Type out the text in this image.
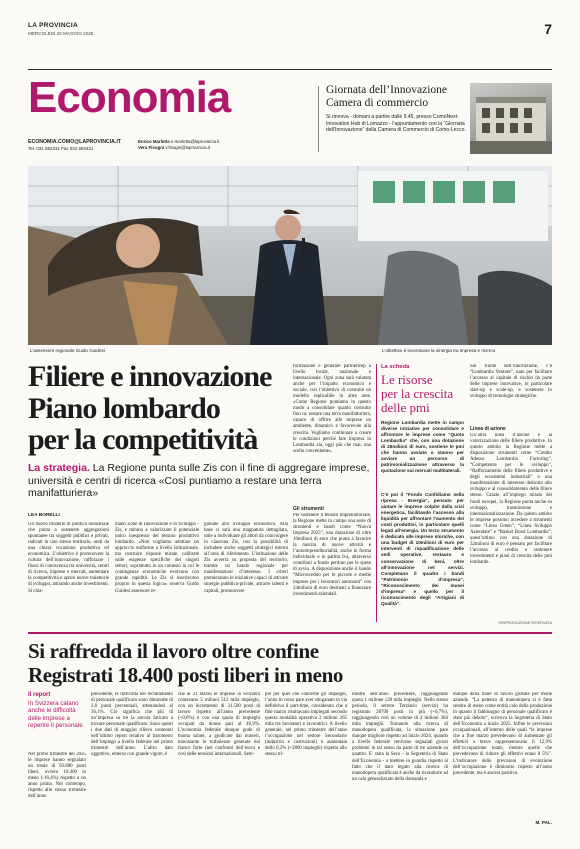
LA PROVINCIA
MERCOLEDÌ 28 MAGGIO 2025	7
Economia
ECONOMIA.COMO@LAPROVINCIA.IT
Tel. 031 582311 Fax 031 582421
Enrico Marletta e.marletta@laprovincia.it
Vera Fisogni v.fisogni@laprovincia.it
Giornata dell’Innovazione
Camera di commercio
Si rinnova - domani a partire dalle 9.45, presso ComoNext-Innovation Hub di Lomazzo - l’appuntamento con la “Giornata dell’Innovazione” della Camera di Commercio di Como-Lecco.
L’assessore regionale Guido Guidesi	L’obiettivo è incentivare la sinergia tra impresa e ricerca
Filiere e innovazione
Piano lombardo
per la competitività
La strategia. La Regione punta sulle Zis con il fine di aggregare imprese, università e centri di ricerca «Così puntiamo a restare una terra manifatturiera»
LEA BORELLI
Un nuovo modello di politica industriale che punta a sostenere aggregazioni spontanee tra soggetti pubblici e privati, radicati in uno stesso territorio, uniti da una chiara vocazione produttiva ed economica. L’obiettivo è promuovere la cultura dell’innovazione, rafforzare i flussi di conoscenza tra università, centri di ricerca, imprese e mercati, aumentare la competitività e aprire nuove traiettorie di sviluppo, attirando anche investimenti. Si chia-
mano Zone di Innovazione e di Sviluppo - Zis, e mirano a valorizzare il potenziale unico inespresso del tessuto produttivo lombardo. «Non vogliamo adottare un approccio uniforme a livello istituzionale, ma costruire risposte mirate, calibrate sulle esigenze specifiche dei singoli settori, soprattutto in un contesto in cui le contingenze economiche evolvono con grande rapidità. Le Zis si inseriscono proprio in questa logica» osserva Guido Guidesi assessore re-
gionale allo Sviluppo economico. Alla base ci sarà una mappatura dettagliata, utile a individuare gli attori da coinvolgere in ciascuna Zis, con la possibilità di includere anche soggetti strategici esterni all’area di riferimento. L’istituzione delle Zis avverrà su proposta del territorio, tramite un bando regionale per manifestazioni d’interesse. I criteri premieranno le iniziative capaci di attivare sinergie pubblico-private, attrarre talenti e capitali, promuovere
formazione e generare partnership a livello locale, nazionale e internazionale. Ogni zona sarà valutata anche per l’impatto economico e sociale, con l’obiettivo di costruire un modello replicabile in altre aree. «Come Regione puntiamo in questo modo a consolidare quanto costruito fino ra: restare una terra manifatturiera, capace di offrire alle imprese un ambiente, dinamico e favorevole alla crescita. Vogliamo continuare a creare le condizioni perché fare impresa in Lombardia sia, oggi più che mai, una scelta conveniente».
Gli strumenti
Per sostenere il tessuto imprenditoriale, la Regione mette in campo una serie di strumenti e bandi come “Nuova Impresa 2025”, una dotazione di oltre 10milioni di euro che punta a favorire la nascita di nuove attività e l’autoimprenditorialità, anche in forma individuale o in partita Iva, attraverso contributi a fondo perduto per le spese di avvio. A disposizione anche il bando “Microcredito per le piccole e medie imprese per i lavoratori autonomi” con 24milioni di euro destinati a finanziare investimenti aziendali.
La scheda
Le risorse
per la crescita
delle pmi
Regione Lombardia mette in campo diverse iniziative per consolidare e affrontare le imprese come “Quota Lombardia” che, con una dotazione di 25milioni di euro, sostiene le pmi che hanno avviato o stanno per avviare un percorso di patrimonializzazione attraverso la quotazione sui mercati multilaterali.
C’è poi il “Fondo Confidiamo nella ripresa - Energia”, pensato per aiutare le imprese colpite dalla crisi energetica, facilitando l’accesso alla liquidità per affrontare l’aumento dei costi produttivi, in particolare quelli legati all’energia. Un terzo strumento è dedicato alle imprese storiche, con una budget di 10milioni di euro per interventi di riqualificazione delle sedi operative, restauro e conservazione di beni, oltre all’innovazione nei servizi. Completano il quadro i bandi “Patrimonio d’impresa”, “Riconoscimento dei musei d’impresa” e quello per il riconoscimento degli “Artigiani di Qualità”.
Sul fronte dell’innovazione, c’è “Lombardia Venture”, nato per facilitare l’accesso al capitale di rischio da parte delle imprese innovative, in particolare start-up e scale-up, e sostenere lo sviluppo di tecnologie strategiche.
Linea di azione
Un’altra linea d’azione è la valorizzazione delle filiere produttive. In questo ambito la Regione mette a disposizione strumenti come “Credito Adesso Lombardia Factoring”, “Competenze per le sviluppo”, “Rafforzamento delle filiere produttive e degli ecosistemi industriali” e una manifestazione di interesse dedicata allo sviluppo e al consolidamento delle filiere stesse. Grazie all’impiego mirato dei fondi europei, la Regione punta anche su sviluppo, trasmissione e internazionalizzazione. Da questo ambito le imprese possono accedere a strumenti come “Linea Green”, “Linea Sviluppo Aziendale” e “Basket Bond Lombardia”, quest’ultimo con una dotazione di 32milioni di euro è pensato per facilitare l’accesso al credito e sostenere investimenti e piani di crescita delle pmi lombarde.
©RIPRODUZIONE RISERVATA
Si raffredda il lavoro oltre confine
Registrati 18.400 posti liberi in meno
Il report
In Svizzera calano anche le difficoltà delle imprese a reperire il personale
Nel primo trimestre del 2025 le imprese hanno segnalato un totale di 93.800 posti liberi, ovvero 18.400 in meno (-16,4%) rispetto a un anno prima. Nel contempo, rispetto allo stesso trimestre dell’anno
precedente, le difficoltà nel reclutamento di personale qualificato sono diminuite di 2,8 punti percentuali, attestandosi al 36,1%. Ciò significa che più di un’impresa su tre la ancora faticato a trovare personale qualificato. Sono questi i due dati di maggior rilievo contenuti nell’ultimo report relativo al barometro dell’impiego a livello federale nel primo trimestre dell’anno. L’altro dato oggettivo, emerso con grande vigore, è
che al 31 marzo le imprese in Svizzera contavano 5 milioni 512 mila impieghi, con un incremento di 31.500 posti di lavoro rispetto all’anno precedente (+0,6%) e con una quota di impieghi occupati da donne pari al 46,9%. L’economia federale dunque gode di buona salute, a giudicare dai numeri, nonostante le turbolenze generate dal franco forte (nei confronti dell’euro) e così delle tensioni internazionali. Sem-
pre per quel che concerne gli impieghi, l’anno in corso pare aver sdoganato in via definitiva il part-time, considerato che a fine marzo risultavano impiegati secondo questa modalità operativa 2 milioni 265 mila tra lavoratori e lavoratrici. A livello generale, nel primo trimestre dell’anno l’occupazione nel settore Secondario (industria e costruzioni) è aumentata dello 0,2% (+2800 impieghi) rispetto allo stesso tri-
mestre dell’anno precedente, raggiungendo quota 1 milione 128 mila impieghi. Nello stesso periodo, il settore Terziario (servizi) ha registrato 28700 posti in più (+0,7%), raggiungendo così un volume di 4 milioni 384 mila impieghi. Tornando alla ricerca di manodopera qualificata, la situazione pare dunque migliore rispetto ad inizio 2024, quando a livello federale venivano segnalati grossi problemi in tal senso da parte di tre aziende su quattro. E’ stata la Seco - la Segreteria di Stato dell’Economia - a mettere in guardia rispetto al fatto che il dato legato alla ricerca di manodopera qualificata è anche da ricondurre ad un calo generalizzato della domanda e
dunque della mole di lavoro globale per molte aziende. “La potenza di manodopera si è fatta sentire di meno come entità calo della produzione in quanto il fabbisogno di personale qualificato è stato più debole”, scriveva la Segreteria di Stato dell’Economia a inizio 2025. Infine le previsioni occupazionali, all’interno delle quali “le imprese che a fine marzo prevedevano di aumentare gli effettivi a breve rappresentavano il 12,9% dell’occupazione totale, mentre quelle che prevedevano di ridurre gli effettivi erano il 5%”. L’indicatore delle previsioni di evoluzione dell’occupazione è diminuito rispetto all’anno precedente, ma è ancora positivo.
M. PAL.
